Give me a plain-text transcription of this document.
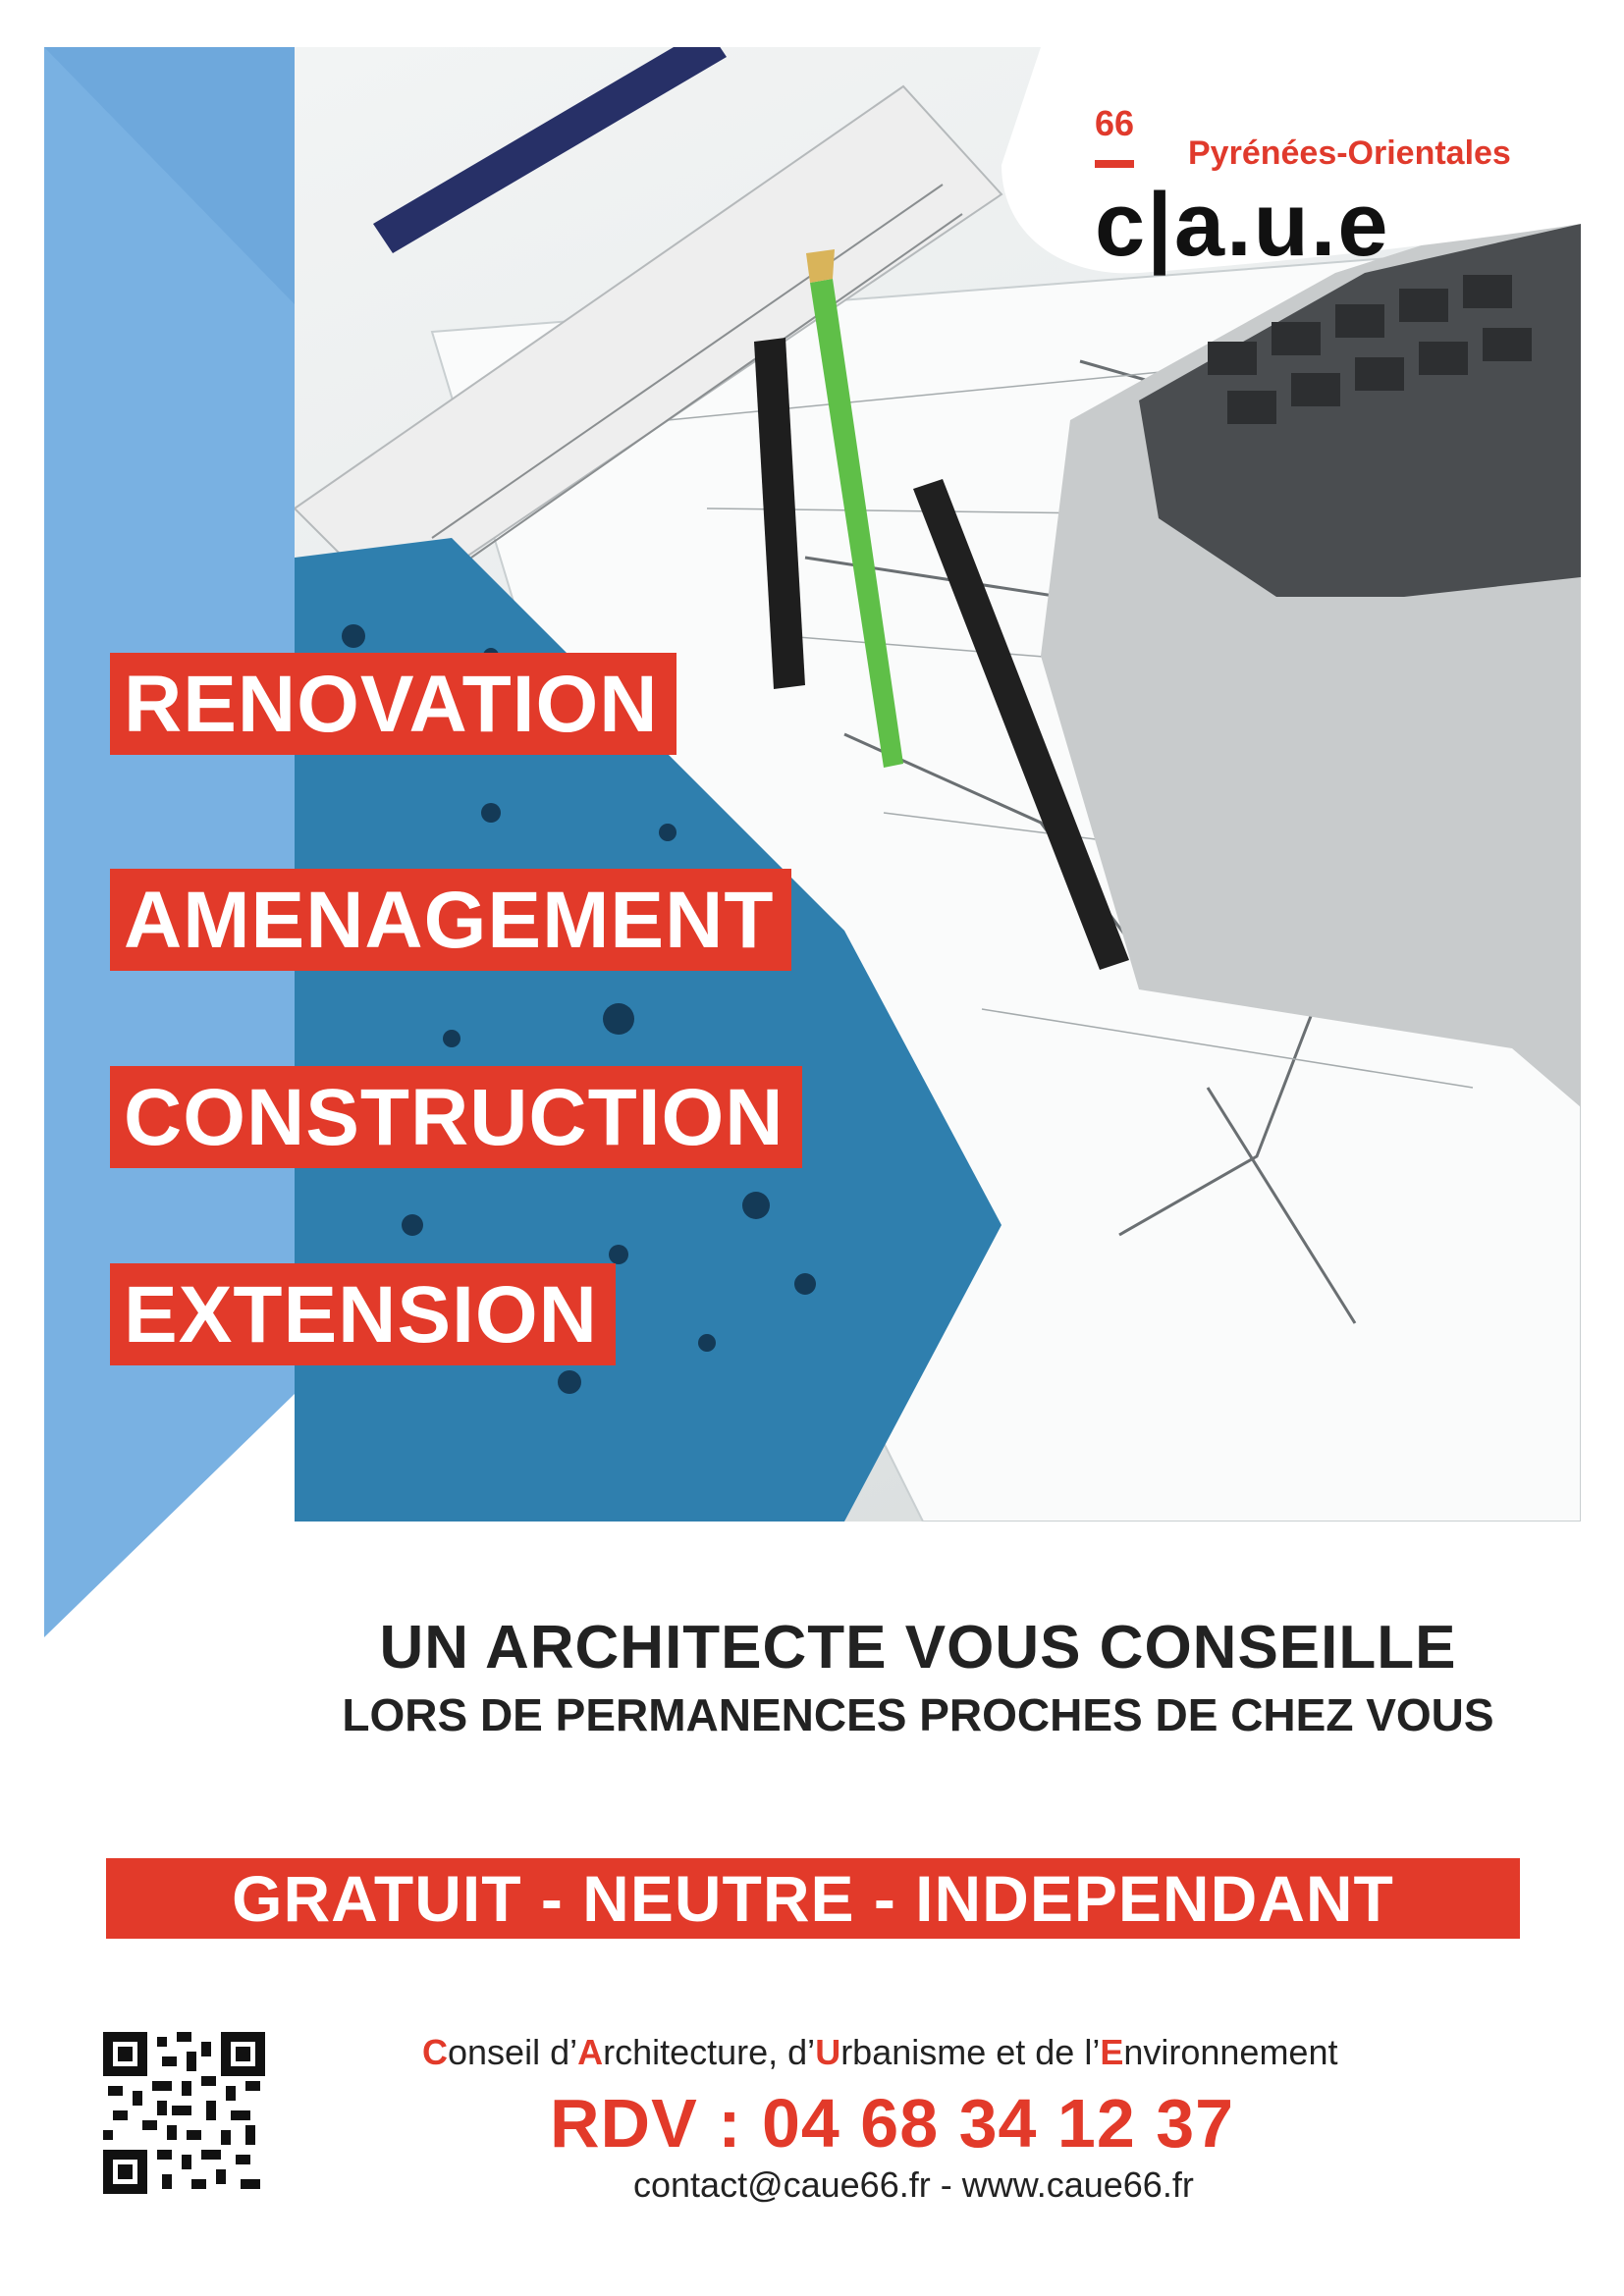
66
Pyrénées-Orientales
c|a.u.e
RENOVATION
AMENAGEMENT
CONSTRUCTION
EXTENSION
UN ARCHITECTE VOUS CONSEILLE
LORS DE PERMANENCES PROCHES DE CHEZ VOUS
GRATUIT - NEUTRE - INDEPENDANT
Conseil d’Architecture, d’Urbanisme et de l’Environnement
RDV : 04 68 34 12 37
contact@caue66.fr - www.caue66.fr
